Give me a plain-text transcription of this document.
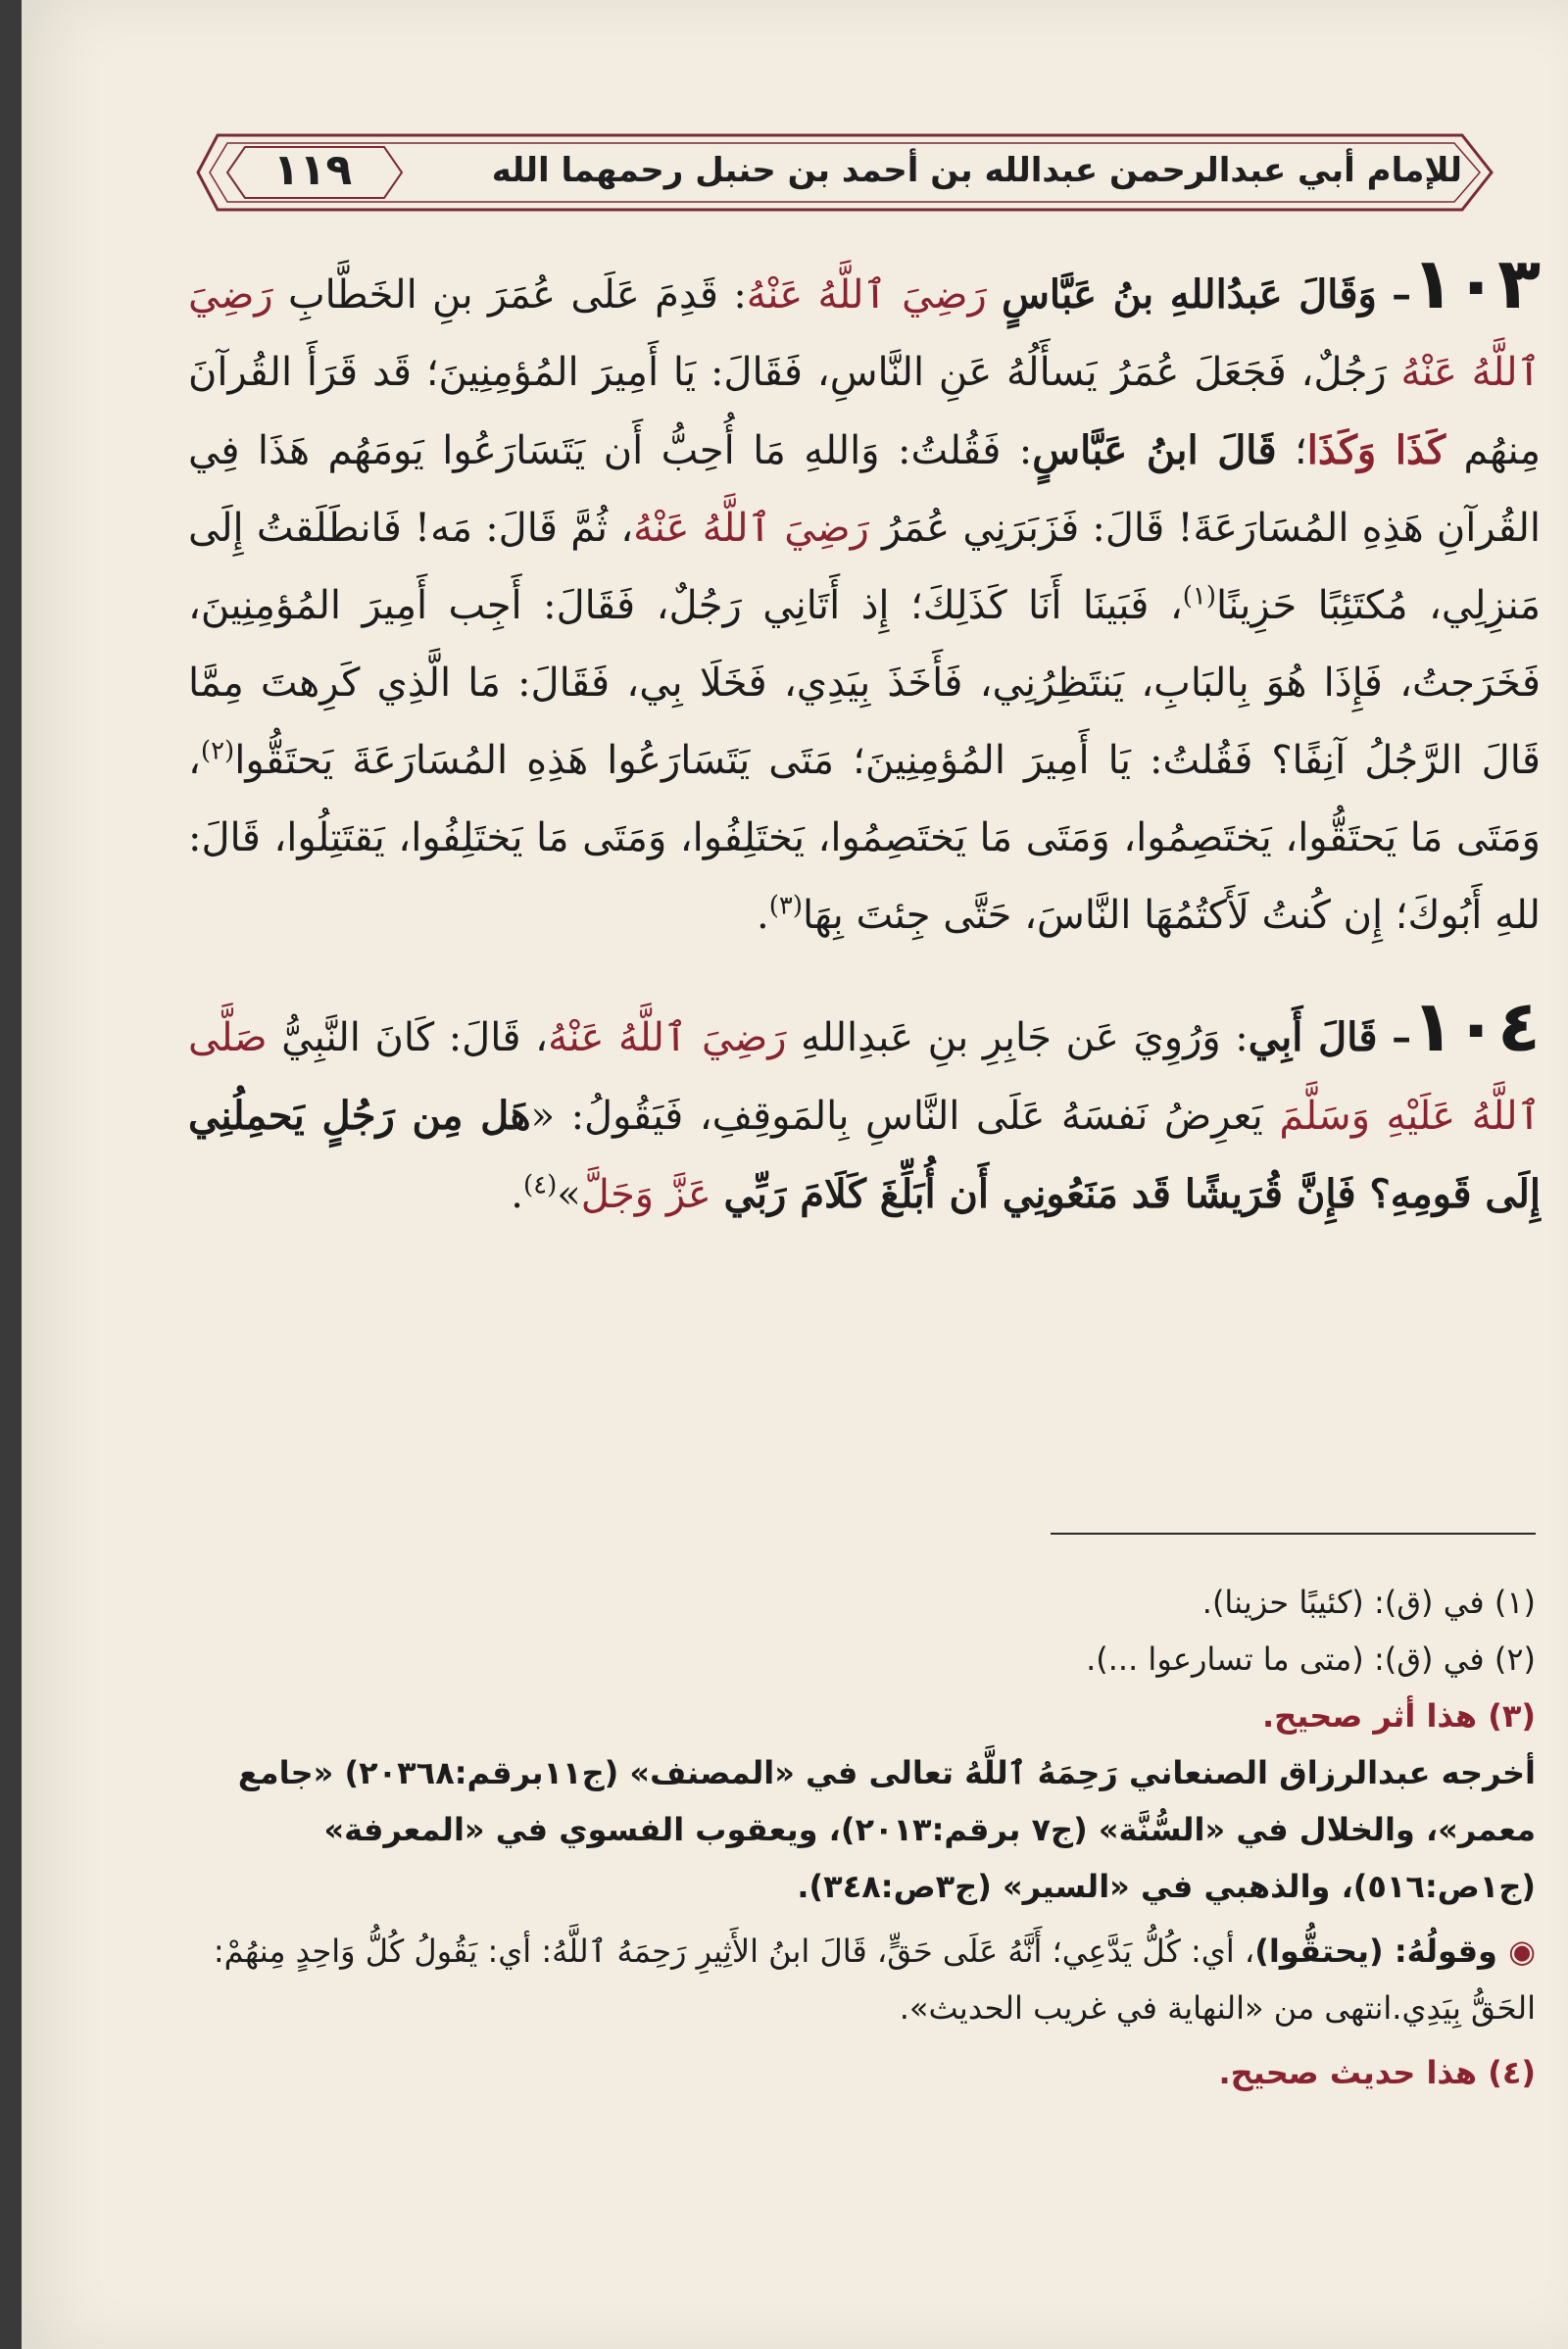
١١٩	للإمام أبي عبدالرحمن عبدالله بن أحمد بن حنبل رحمهما الله

١٠٣– وَقَالَ عَبدُاللهِ بنُ عَبَّاسٍ رَضِيَ ٱللَّهُ عَنْهُ: قَدِمَ عَلَى عُمَرَ بنِ الخَطَّابِ رَضِيَ ٱللَّهُ عَنْهُ رَجُلٌ، فَجَعَلَ عُمَرُ يَسأَلُهُ عَنِ النَّاسِ، فَقَالَ: يَا أَمِيرَ المُؤمِنِينَ؛ قَد قَرَأَ القُرآنَ مِنهُم كَذَا وَكَذَا؛ قَالَ ابنُ عَبَّاسٍ: فَقُلتُ: وَاللهِ مَا أُحِبُّ أَن يَتَسَارَعُوا يَومَهُم هَذَا فِي القُرآنِ هَذِهِ المُسَارَعَةَ! قَالَ: فَزَبَرَنِي عُمَرُ رَضِيَ ٱللَّهُ عَنْهُ، ثُمَّ قَالَ: مَه! فَانطَلَقتُ إِلَى مَنزِلِي، مُكتَئِبًا حَزِينًا$^{(١)}$، فَبَينَا أَنَا كَذَلِكَ؛ إِذ أَتَانِي رَجُلٌ، فَقَالَ: أَجِب أَمِيرَ المُؤمِنِينَ، فَخَرَجتُ، فَإِذَا هُوَ بِالبَابِ، يَنتَظِرُنِي، فَأَخَذَ بِيَدِي، فَخَلَا بِي، فَقَالَ: مَا الَّذِي كَرِهتَ مِمَّا قَالَ الرَّجُلُ آنِفًا؟ فَقُلتُ: يَا أَمِيرَ المُؤمِنِينَ؛ مَتَى يَتَسَارَعُوا هَذِهِ المُسَارَعَةَ يَحتَقُّوا$^{(٢)}$، وَمَتَى مَا يَحتَقُّوا، يَختَصِمُوا، وَمَتَى مَا يَختَصِمُوا، يَختَلِفُوا، وَمَتَى مَا يَختَلِفُوا، يَقتَتِلُوا، قَالَ: للهِ أَبُوكَ؛ إِن كُنتُ لَأَكتُمُهَا النَّاسَ، حَتَّى جِئتَ بِهَا$^{(٣)}$.

١٠٤– قَالَ أَبِي: وَرُوِيَ عَن جَابِرِ بنِ عَبدِاللهِ رَضِيَ ٱللَّهُ عَنْهُ، قَالَ: كَانَ النَّبِيُّ صَلَّى ٱللَّهُ عَلَيْهِ وَسَلَّمَ يَعرِضُ نَفسَهُ عَلَى النَّاسِ بِالمَوقِفِ، فَيَقُولُ: «هَل مِن رَجُلٍ يَحمِلُنِي إِلَى قَومِهِ؟ فَإِنَّ قُرَيشًا قَد مَنَعُونِي أَن أُبَلِّغَ كَلَامَ رَبِّي عَزَّ وَجَلَّ»$^{(٤)}$.

(١) في (ق): (كئيبًا حزينا).

(٢) في (ق): (متى ما تسارعوا ...).

(٣) هذا أثر صحيح.

أخرجه عبدالرزاق الصنعاني رَحِمَهُ ٱللَّهُ تعالى في «المصنف» (ج١١برقم:٢٠٣٦٨) «جامع معمر»، والخلال في «السُّنَّة» (ج٧ برقم:٢٠١٣)، ويعقوب الفسوي في «المعرفة» (ج١ص:٥١٦)، والذهبي في «السير» (ج٣ص:٣٤٨).

◉ وقولُهُ: (يحتقُّوا)، أي: كُلُّ يَدَّعِي؛ أَنَّهُ عَلَى حَقٍّ، قَالَ ابنُ الأَثِيرِ رَحِمَهُ ٱللَّهُ: أي: يَقُولُ كُلُّ وَاحِدٍ مِنهُمْ: الحَقُّ بِيَدِي.انتهى من «النهاية في غريب الحديث».

(٤) هذا حديث صحيح.
